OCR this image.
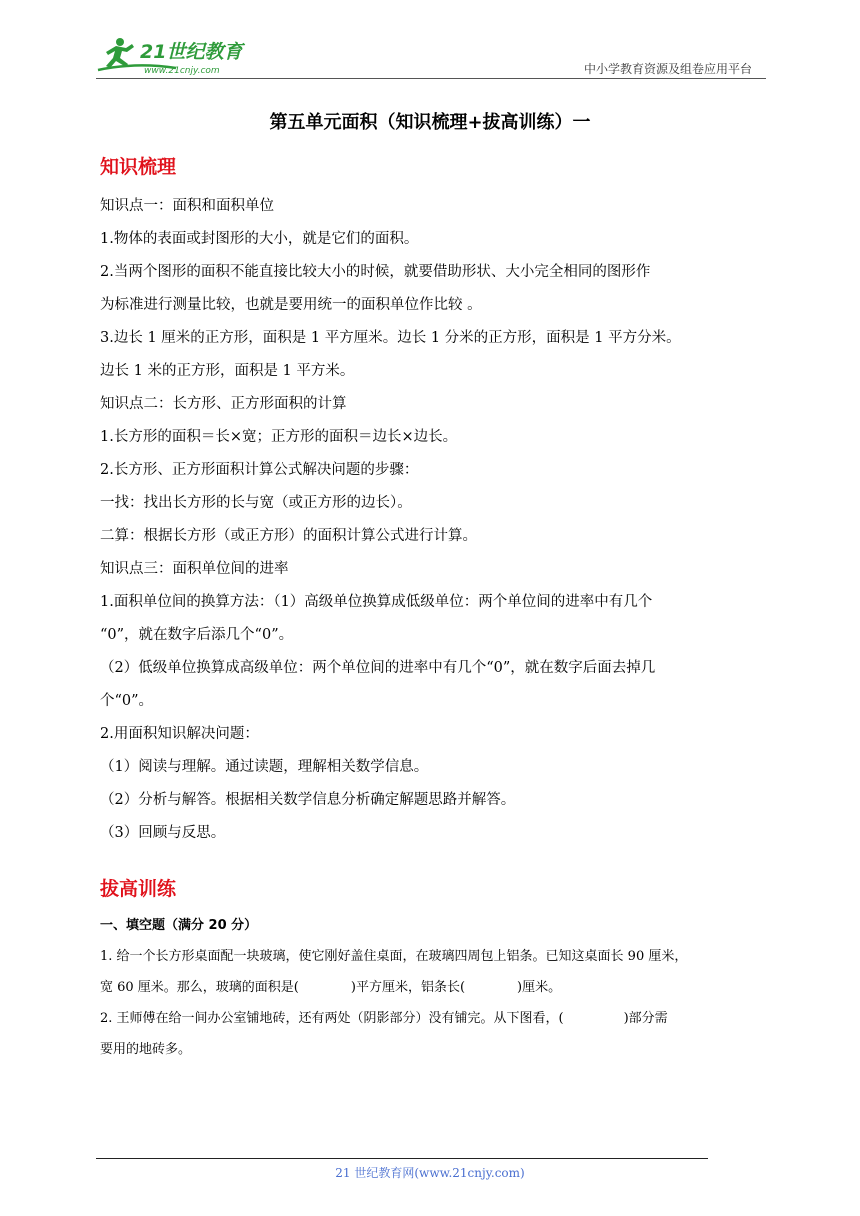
21世纪教育
www.21cnjy.com	中小学教育资源及组卷应用平台
第五单元面积（知识梳理+拔高训练）一
知识梳理

知识点一：面积和面积单位

1.物体的表面或封图形的大小，就是它们的面积。

2.当两个图形的面积不能直接比较大小的时候，就要借助形状、大小完全相同的图形作

为标准进行测量比较，也就是要用统一的面积单位作比较 。

3.边长 1 厘米的正方形，面积是 1 平方厘米。边长 1 分米的正方形，面积是 1 平方分米。

边长 1 米的正方形，面积是 1 平方米。

知识点二：长方形、正方形面积的计算

1.长方形的面积＝长×宽；正方形的面积＝边长×边长。

2.长方形、正方形面积计算公式解决问题的步骤：

一找：找出长方形的长与宽（或正方形的边长）。

二算：根据长方形（或正方形）的面积计算公式进行计算。

知识点三：面积单位间的进率

1.面积单位间的换算方法：（1）高级单位换算成低级单位：两个单位间的进率中有几个

“0”，就在数字后添几个“0”。

（2）低级单位换算成高级单位：两个单位间的进率中有几个“0”，就在数字后面去掉几

个“0”。

2.用面积知识解决问题：

（1）阅读与理解。通过读题，理解相关数学信息。

（2）分析与解答。根据相关数学信息分析确定解题思路并解答。

（3）回顾与反思。

拔高训练

一、填空题（满分 20 分）

1. 给一个长方形桌面配一块玻璃，使它刚好盖住桌面，在玻璃四周包上铝条。已知这桌面长 90 厘米，

宽 60 厘米。那么，玻璃的面积是(	)平方厘米，铝条长(	)厘米。

2. 王师傅在给一间办公室铺地砖，还有两处（阴影部分）没有铺完。从下图看，(	)部分需

要用的地砖多。

21 世纪教育网(www.21cnjy.com)
